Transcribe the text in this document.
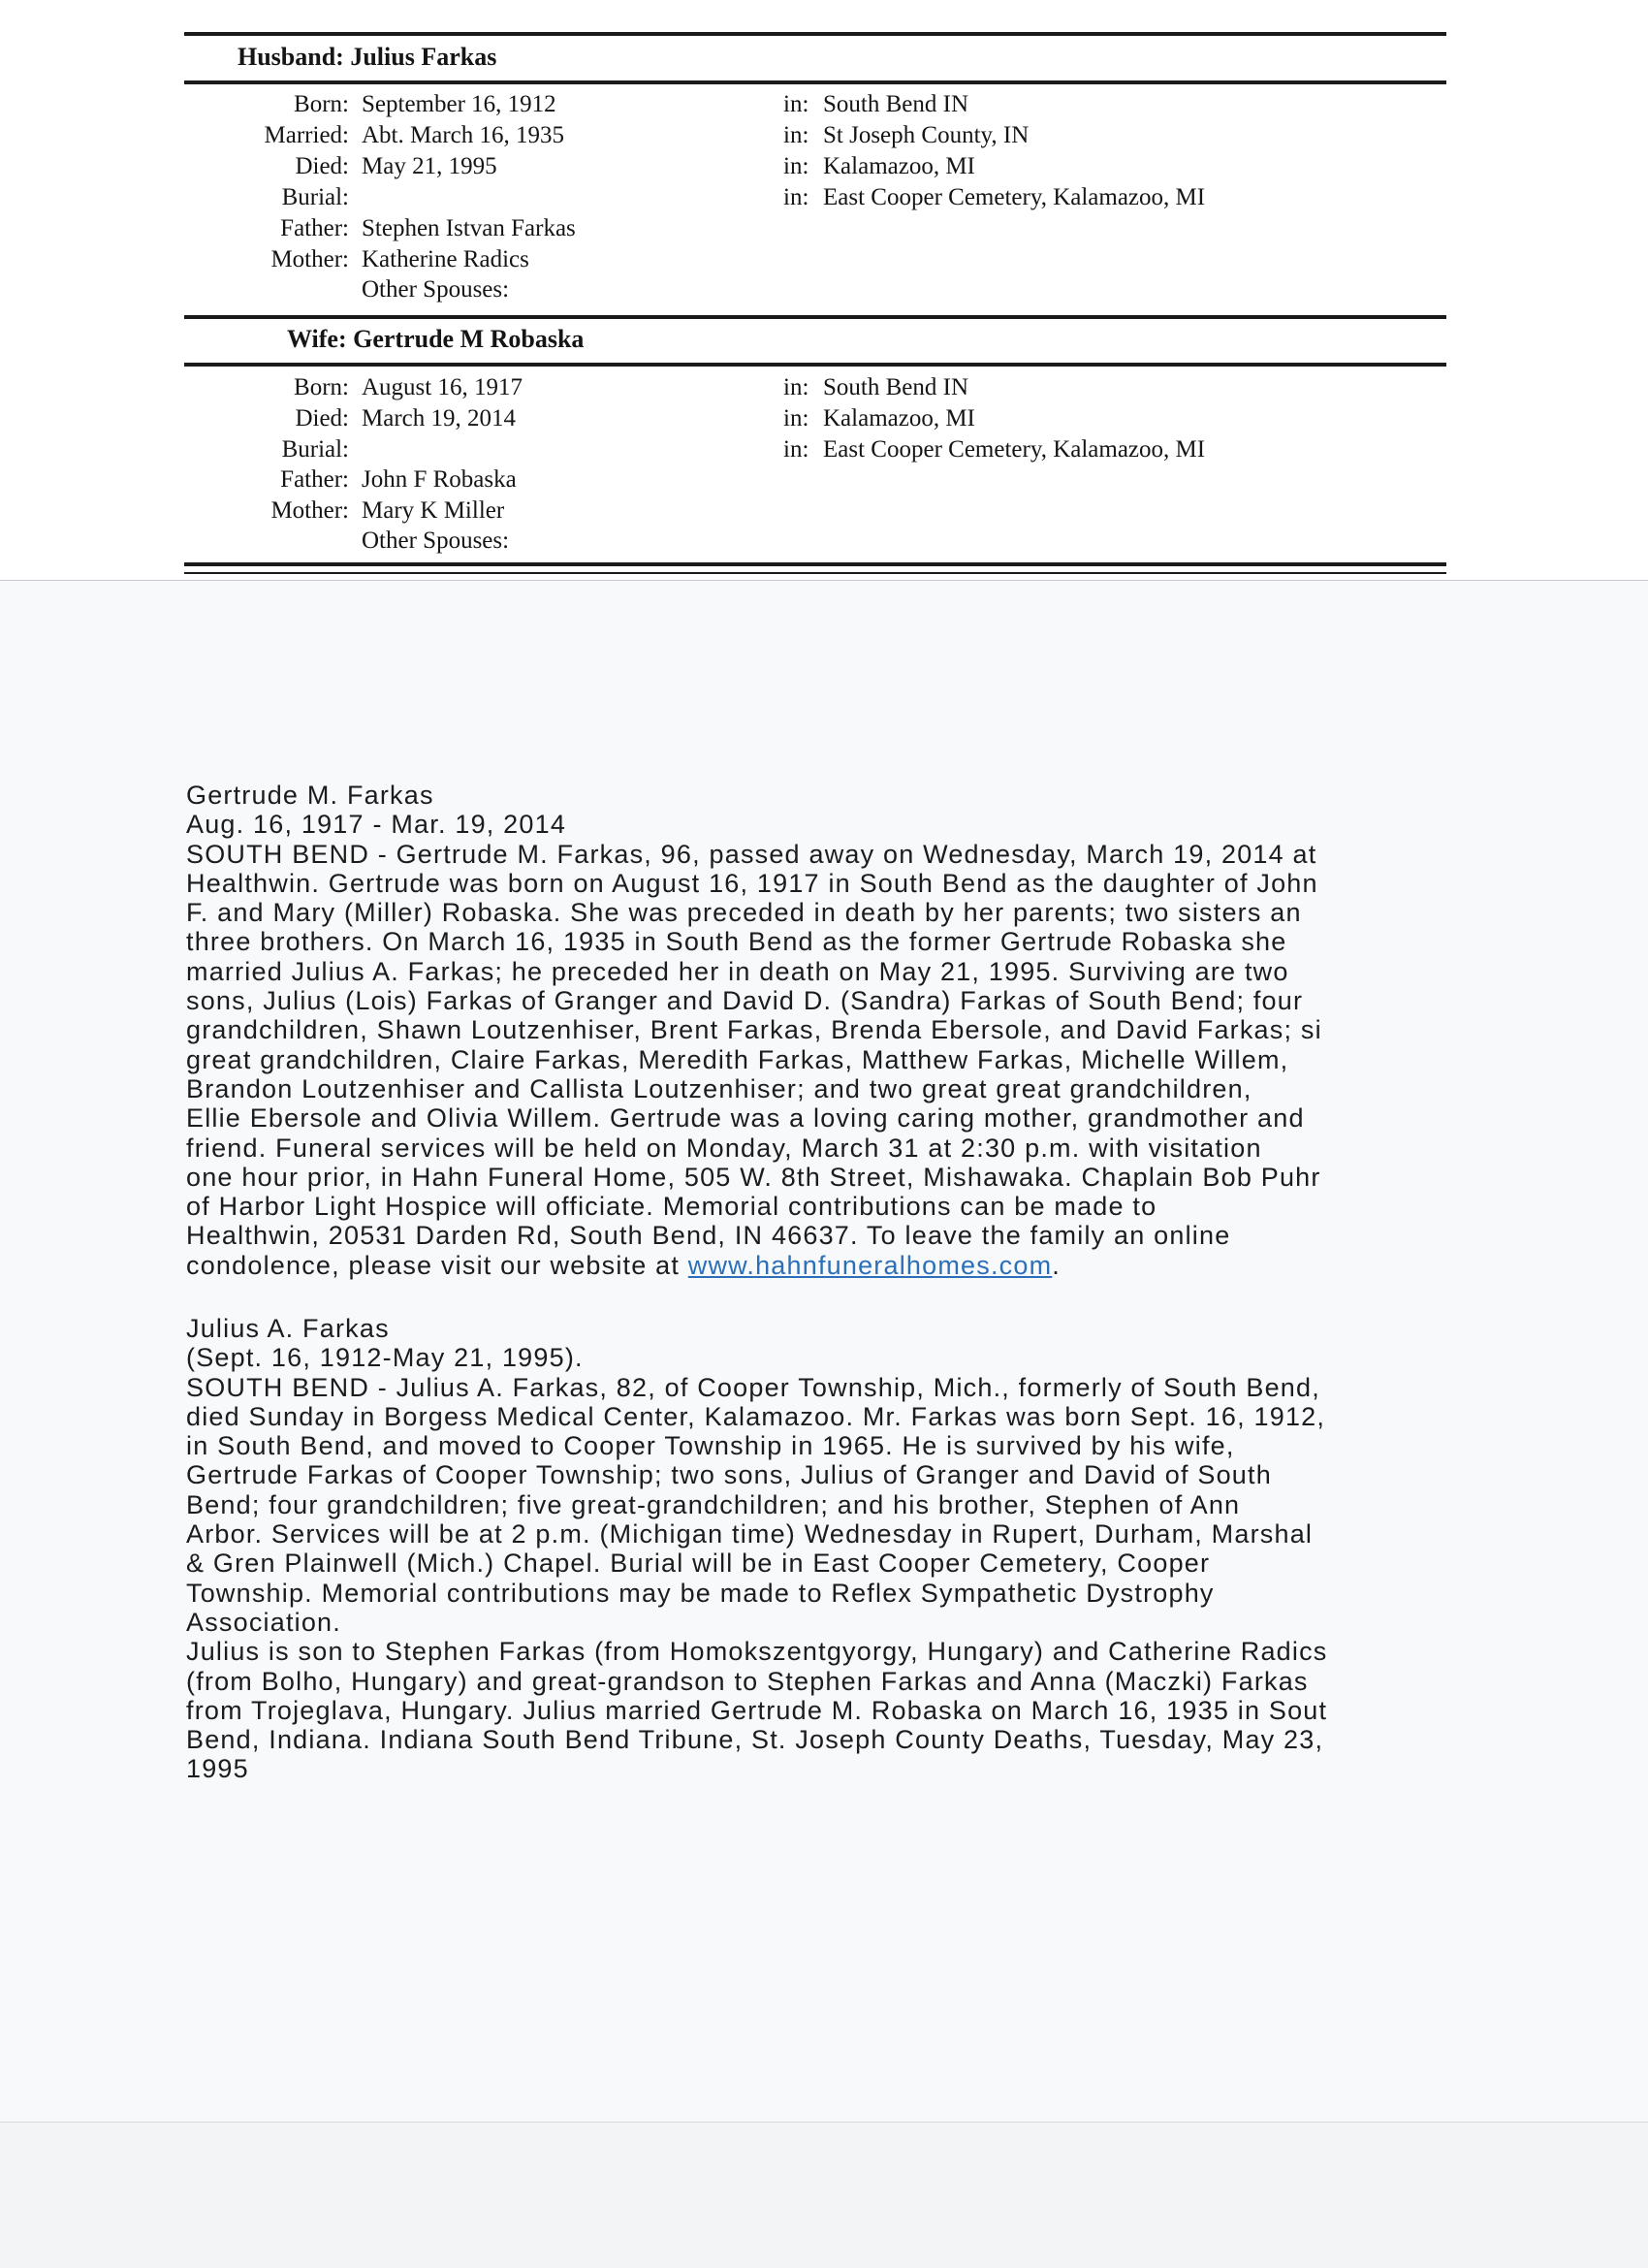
Husband: Julius Farkas
Born: September 16, 1912	in: South Bend IN
Married: Abt. March 16, 1935	in: St Joseph County, IN
Died: May 21, 1995	in: Kalamazoo, MI
Burial:	in: East Cooper Cemetery, Kalamazoo, MI
Father: Stephen Istvan Farkas
Mother: Katherine Radics
Other Spouses:
Wife: Gertrude M Robaska
Born: August 16, 1917	in: South Bend IN
Died: March 19, 2014	in: Kalamazoo, MI
Burial:	in: East Cooper Cemetery, Kalamazoo, MI
Father: John F Robaska
Mother: Mary K Miller
Other Spouses:
Gertrude M. Farkas
Aug. 16, 1917 - Mar. 19, 2014
SOUTH BEND - Gertrude M. Farkas, 96, passed away on Wednesday, March 19, 2014 at
Healthwin. Gertrude was born on August 16, 1917 in South Bend as the daughter of John
F. and Mary (Miller) Robaska. She was preceded in death by her parents; two sisters an
three brothers. On March 16, 1935 in South Bend as the former Gertrude Robaska she
married Julius A. Farkas; he preceded her in death on May 21, 1995. Surviving are two
sons, Julius (Lois) Farkas of Granger and David D. (Sandra) Farkas of South Bend; four
grandchildren, Shawn Loutzenhiser, Brent Farkas, Brenda Ebersole, and David Farkas; si
great grandchildren, Claire Farkas, Meredith Farkas, Matthew Farkas, Michelle Willem,
Brandon Loutzenhiser and Callista Loutzenhiser; and two great great grandchildren,
Ellie Ebersole and Olivia Willem. Gertrude was a loving caring mother, grandmother and
friend. Funeral services will be held on Monday, March 31 at 2:30 p.m. with visitation
one hour prior, in Hahn Funeral Home, 505 W. 8th Street, Mishawaka. Chaplain Bob Puhr
of Harbor Light Hospice will officiate. Memorial contributions can be made to
Healthwin, 20531 Darden Rd, South Bend, IN 46637. To leave the family an online
condolence, please visit our website at www.hahnfuneralhomes.com.
Julius A. Farkas
(Sept. 16, 1912-May 21, 1995).
SOUTH BEND - Julius A. Farkas, 82, of Cooper Township, Mich., formerly of South Bend,
died Sunday in Borgess Medical Center, Kalamazoo. Mr. Farkas was born Sept. 16, 1912,
in South Bend, and moved to Cooper Township in 1965. He is survived by his wife,
Gertrude Farkas of Cooper Township; two sons, Julius of Granger and David of South
Bend; four grandchildren; five great-grandchildren; and his brother, Stephen of Ann
Arbor. Services will be at 2 p.m. (Michigan time) Wednesday in Rupert, Durham, Marshal
& Gren Plainwell (Mich.) Chapel. Burial will be in East Cooper Cemetery, Cooper
Township. Memorial contributions may be made to Reflex Sympathetic Dystrophy
Association.
Julius is son to Stephen Farkas (from Homokszentgyorgy, Hungary) and Catherine Radics
(from Bolho, Hungary) and great-grandson to Stephen Farkas and Anna (Maczki) Farkas
from Trojeglava, Hungary. Julius married Gertrude M. Robaska on March 16, 1935 in Sout
Bend, Indiana. Indiana South Bend Tribune, St. Joseph County Deaths, Tuesday, May 23,
1995
